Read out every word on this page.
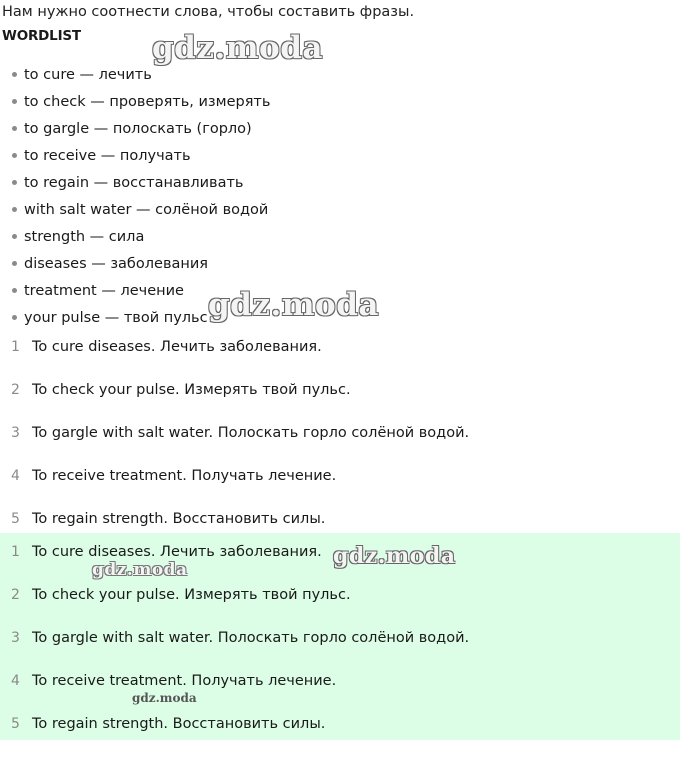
Нам нужно соотнести слова, чтобы составить фразы.
WORDLIST
to cure — лечить
to check — проверять, измерять
to gargle — полоскать (горло)
to receive — получать
to regain — восстанавливать
with salt water — солёной водой
strength — сила
diseases — заболевания
treatment — лечение
your pulse — твой пульс
1 To cure diseases. Лечить заболевания.
2 To check your pulse. Измерять твой пульс.
3 To gargle with salt water. Полоскать горло солёной водой.
4 To receive treatment. Получать лечение.
5 To regain strength. Восстановить силы.
1 To cure diseases. Лечить заболевания.
2 To check your pulse. Измерять твой пульс.
3 To gargle with salt water. Полоскать горло солёной водой.
4 To receive treatment. Получать лечение.
5 To regain strength. Восстановить силы.
gdz.moda
gdz.moda
gdz.moda
gdz.moda
gdz.moda
